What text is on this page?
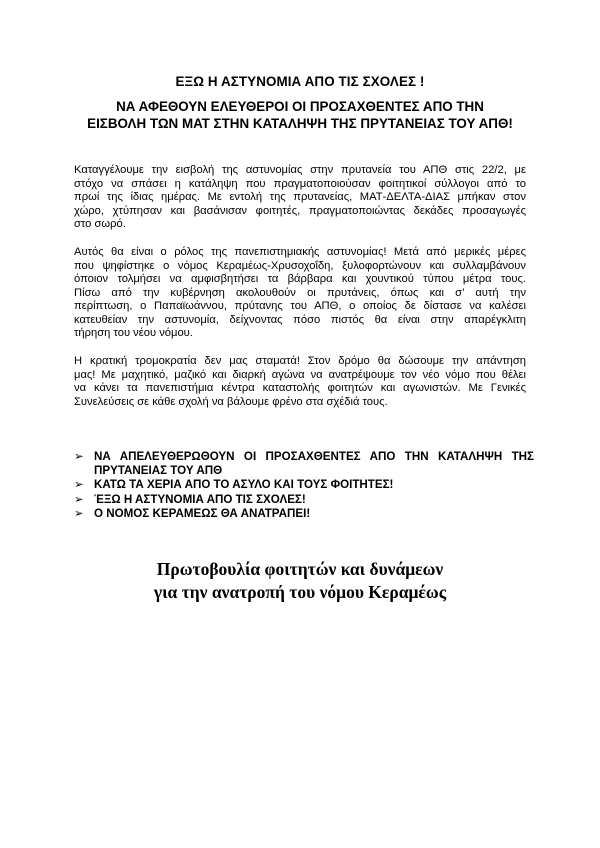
ΕΞΩ Η ΑΣΤΥΝΟΜΙΑ ΑΠΟ ΤΙΣ ΣΧΟΛΕΣ !
ΝΑ ΑΦΕΘΟΥΝ ΕΛΕΥΘΕΡΟΙ ΟΙ ΠΡΟΣΑΧΘΕΝΤΕΣ ΑΠΟ ΤΗΝ
ΕΙΣΒΟΛΗ ΤΩΝ ΜΑΤ ΣΤΗΝ ΚΑΤΑΛΗΨΗ ΤΗΣ ΠΡΥΤΑΝΕΙΑΣ ΤΟΥ ΑΠΘ!
Καταγγέλουμε την εισβολή της αστυνομίας στην πρυτανεία του ΑΠΘ στις 22/2, με
στόχο να σπάσει η κατάληψη που πραγματοποιούσαν φοιτητικοί σύλλογοι από το
πρωί της ίδιας ημέρας. Με εντολή της πρυτανείας, ΜΑΤ-ΔΕΛΤΑ-ΔΙΑΣ μπήκαν στον
χώρο, χτύπησαν και βασάνισαν φοιτητές, πραγματοποιώντας δεκάδες προσαγωγές
στο σωρό.
Αυτός θα είναι ο ρόλος της πανεπιστημιακής αστυνομίας! Μετά από μερικές μέρες
που ψηφίστηκε ο νόμος Κεραμέως-Χρυσοχοΐδη, ξυλοφορτώνουν και συλλαμβάνουν
όποιον τολμήσει να αμφισβητήσει τα βάρβαρα και χουντικού τύπου μέτρα τους.
Πίσω από την κυβέρνηση ακολουθούν οι πρυτάνεις, όπως και σ’ αυτή την
περίπτωση, ο Παπαϊωάννου, πρύτανης του ΑΠΘ, ο οποίος δε δίστασε να καλέσει
κατευθείαν την αστυνομία, δείχνοντας πόσο πιστός θα είναι στην απαρέγκλιτη
τήρηση του νέου νόμου.
Η κρατική τρομοκρατία δεν μας σταματά! Στον δρόμο θα δώσουμε την απάντηση
μας! Με μαχητικό, μαζικό και διαρκή αγώνα να ανατρέψουμε τον νέο νόμο που θέλει
να κάνει τα πανεπιστήμια κέντρα καταστολής φοιτητών και αγωνιστών. Με Γενικές
Συνελεύσεις σε κάθε σχολή να βάλουμε φρένο στα σχέδιά τους.
➢ ΝΑ ΑΠΕΛΕΥΘΕΡΩΘΟΥΝ ΟΙ ΠΡΟΣΑΧΘΕΝΤΕΣ ΑΠΟ ΤΗΝ ΚΑΤΑΛΗΨΗ ΤΗΣ
ΠΡΥΤΑΝΕΙΑΣ ΤΟΥ ΑΠΘ
➢ ΚΑΤΩ ΤΑ ΧΕΡΙΑ ΑΠΟ ΤΟ ΑΣΥΛΟ ΚΑΙ ΤΟΥΣ ΦΟΙΤΗΤΕΣ!
➢ ΈΞΩ Η ΑΣΤΥΝΟΜΙΑ ΑΠΟ ΤΙΣ ΣΧΟΛΕΣ!
➢ Ο ΝΟΜΟΣ ΚΕΡΑΜΕΩΣ ΘΑ ΑΝΑΤΡΑΠΕΙ!
Πρωτοβουλία φοιτητών και δυνάμεων
για την ανατροπή του νόμου Κεραμέως
